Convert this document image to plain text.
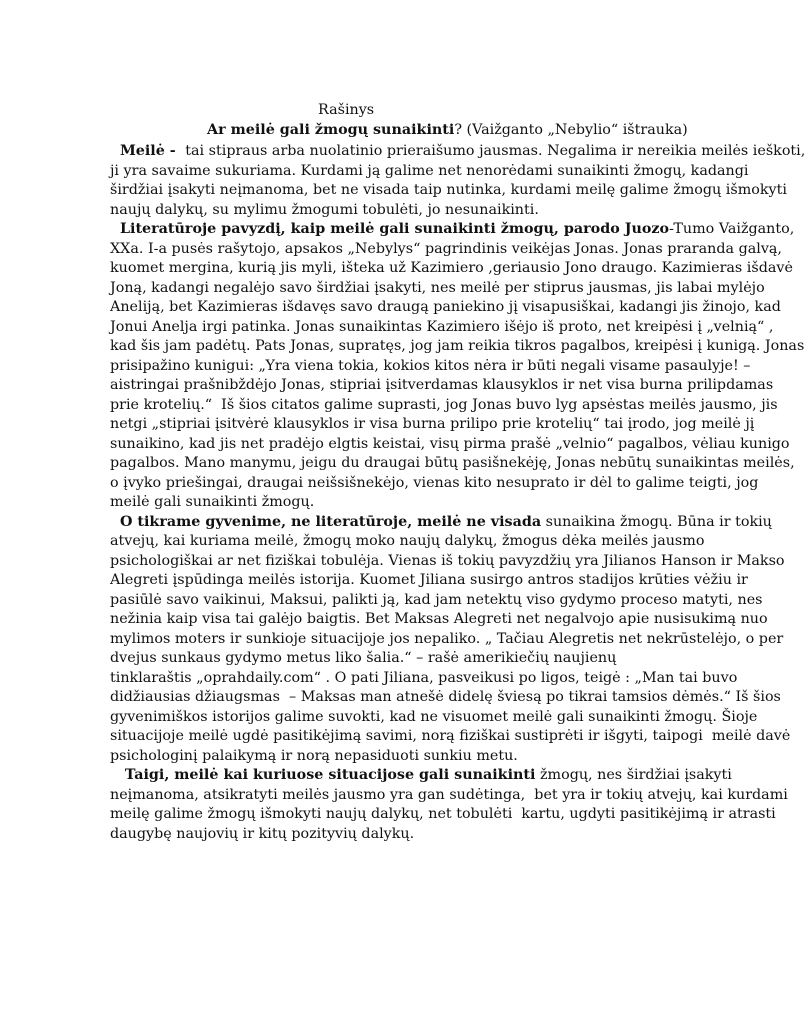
Rašinys
Ar meilė gali žmogų sunaikinti? (Vaižganto „Nebylio“ ištrauka)
Meilė -  tai stipraus arba nuolatinio prieraišumo jausmas. Negalima ir nereikia meilės ieškoti,
ji yra savaime sukuriama. Kurdami ją galime net nenorėdami sunaikinti žmogų, kadangi
širdžiai įsakyti neįmanoma, bet ne visada taip nutinka, kurdami meilę galime žmogų išmokyti
naujų dalykų, su mylimu žmogumi tobulėti, jo nesunaikinti.
Literatūroje pavyzdį, kaip meilė gali sunaikinti žmogų, parodo Juozo-Tumo Vaižganto,
XXa. I-a pusės rašytojo, apsakos „Nebylys“ pagrindinis veikėjas Jonas. Jonas praranda galvą,
kuomet mergina, kurią jis myli, išteka už Kazimiero ,geriausio Jono draugo. Kazimieras išdavė
Joną, kadangi negalėjo savo širdžiai įsakyti, nes meilė per stiprus jausmas, jis labai mylėjo
Aneliją, bet Kazimieras išdavęs savo draugą paniekino jį visapusiškai, kadangi jis žinojo, kad
Jonui Anelja irgi patinka. Jonas sunaikintas Kazimiero išėjo iš proto, net kreipėsi į „velnią“ ,
kad šis jam padėtų. Pats Jonas, supratęs, jog jam reikia tikros pagalbos, kreipėsi į kunigą. Jonas
prisipažino kunigui: „Yra viena tokia, kokios kitos nėra ir būti negali visame pasaulyje! –
aistringai prašnibždėjo Jonas, stipriai įsitverdamas klausyklos ir net visa burna prilipdamas
prie krotelių.“  Iš šios citatos galime suprasti, jog Jonas buvo lyg apsėstas meilės jausmo, jis
netgi „stipriai įsitvėrė klausyklos ir visa burna prilipo prie krotelių“ tai įrodo, jog meilė jį
sunaikino, kad jis net pradėjo elgtis keistai, visų pirma prašė „velnio“ pagalbos, vėliau kunigo
pagalbos. Mano manymu, jeigu du draugai būtų pasišnekėję, Jonas nebūtų sunaikintas meilės,
o įvykο priešingai, draugai neišsišnekėjo, vienas kito nesuprato ir dėl to galime teigti, jog
meilė gali sunaikinti žmogų.
O tikrame gyvenime, ne literatūroje, meilė ne visada sunaikina žmogų. Būna ir tokių
atvejų, kai kuriama meilė, žmogų moko naujų dalykų, žmogus dėka meilės jausmo
psichologiškai ar net fiziškai tobulėja. Vienas iš tokių pavyzdžių yra Jilianos Hanson ir Makso
Alegreti įspūdinga meilės istorija. Kuomet Jiliana susirgo antros stadijos krūties vėžiu ir
pasiūlė savo vaikinui, Maksui, palikti ją, kad jam netektų viso gydymo proceso matyti, nes
nežinia kaip visa tai galėjo baigtis. Bet Maksas Alegreti net negalvojo apie nusisukimą nuo
mylimos moters ir sunkioje situacijoje jos nepaliko. „ Tačiau Alegretis net nekrūstelėjo, o per
dvejus sunkaus gydymo metus liko šalia.“ – rašė amerikiečių naujienų
tinklaraštis „oprahdaily.com“ . O pati Jiliana, pasveikusi po ligos, teigė : „Man tai buvo
didžiausias džiaugsmas  – Maksas man atnešė didelę šviesą po tikrai tamsios dėmės.“ Iš šios
gyvenimiškos istorijos galime suvokti, kad ne visuomet meilė gali sunaikinti žmogų. Šioje
situacijoje meilė ugdė pasitikėjimą savimi, norą fiziškai sustiprėti ir išgyti, taipogi  meilė davė
psichologinį palaikymą ir norą nepasiduoti sunkiu metu.
Taigi, meilė kai kuriuose situacijose gali sunaikinti žmogų, nes širdžiai įsakyti
neįmanoma, atsikratyti meilės jausmo yra gan sudėtinga,  bet yra ir tokių atvejų, kai kurdami
meilę galime žmogų išmokyti naujų dalykų, net tobulėti  kartu, ugdyti pasitikėjimą ir atrasti
daugybę naujovių ir kitų pozityvių dalykų.
